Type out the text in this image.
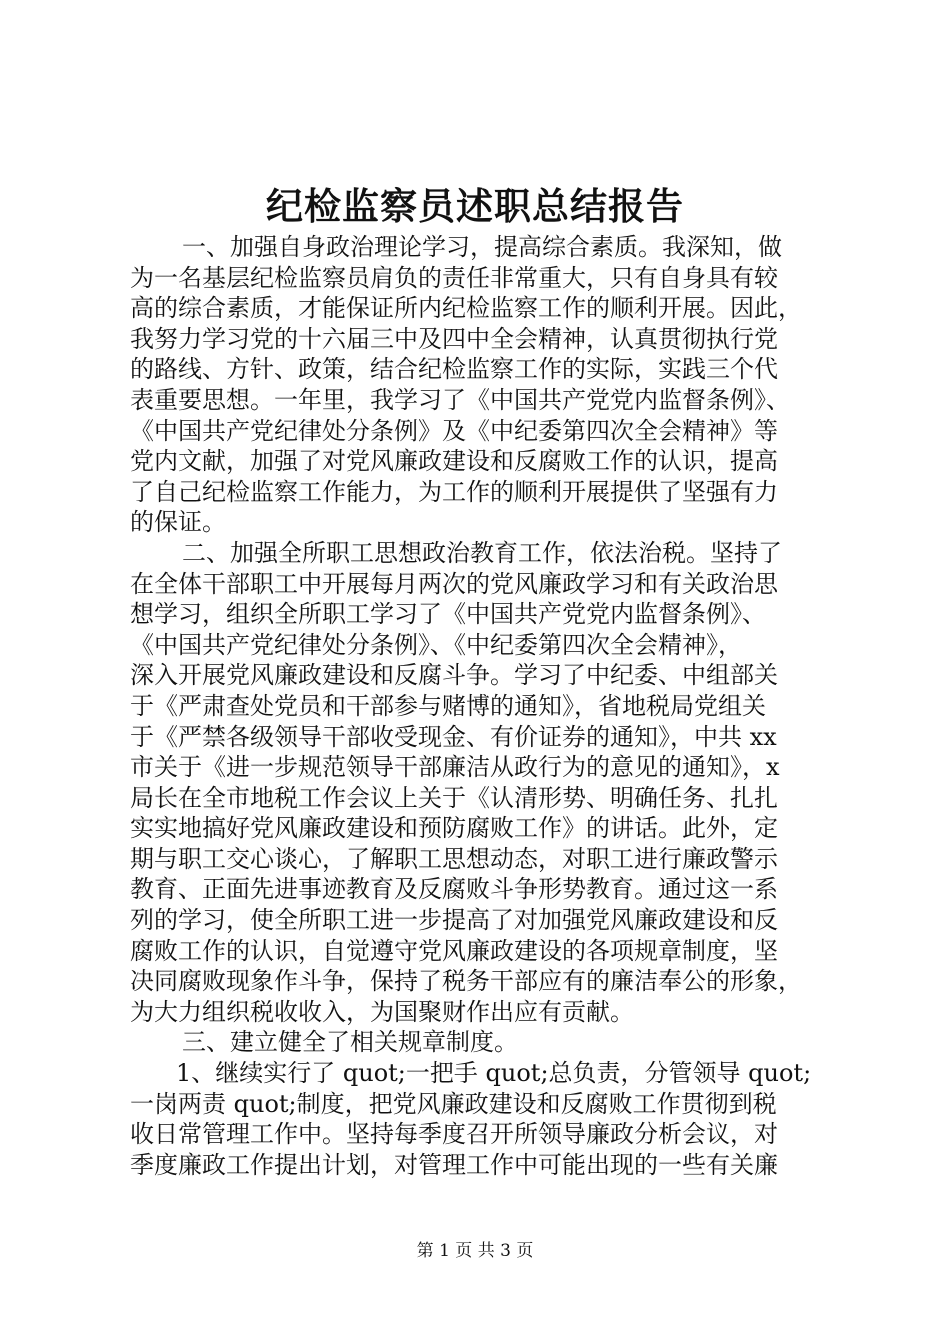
纪检监察员述职总结报告
一、加强自身政治理论学习，提高综合素质。我深知，做
为一名基层纪检监察员肩负的责任非常重大，只有自身具有较
高的综合素质，才能保证所内纪检监察工作的顺利开展。因此，
我努力学习党的十六届三中及四中全会精神，认真贯彻执行党
的路线、方针、政策，结合纪检监察工作的实际，实践三个代
表重要思想。一年里，我学习了《中国共产党党内监督条例》、
《中国共产党纪律处分条例》及《中纪委第四次全会精神》等
党内文献，加强了对党风廉政建设和反腐败工作的认识，提高
了自己纪检监察工作能力，为工作的顺利开展提供了坚强有力
的保证。
二、加强全所职工思想政治教育工作，依法治税。坚持了
在全体干部职工中开展每月两次的党风廉政学习和有关政治思
想学习，组织全所职工学习了《中国共产党党内监督条例》、
《中国共产党纪律处分条例》、《中纪委第四次全会精神》，
深入开展党风廉政建设和反腐斗争。学习了中纪委、中组部关
于《严肃查处党员和干部参与赌博的通知》，省地税局党组关
于《严禁各级领导干部收受现金、有价证券的通知》，中共 xx
市关于《进一步规范领导干部廉洁从政行为的意见的通知》，x
局长在全市地税工作会议上关于《认清形势、明确任务、扎扎
实实地搞好党风廉政建设和预防腐败工作》的讲话。此外，定
期与职工交心谈心，了解职工思想动态，对职工进行廉政警示
教育、正面先进事迹教育及反腐败斗争形势教育。通过这一系
列的学习，使全所职工进一步提高了对加强党风廉政建设和反
腐败工作的认识，自觉遵守党风廉政建设的各项规章制度，坚
决同腐败现象作斗争，保持了税务干部应有的廉洁奉公的形象，
为大力组织税收收入，为国聚财作出应有贡献。
三、建立健全了相关规章制度。
1、继续实行了 quot;一把手 quot;总负责，分管领导 quot;
一岗两责 quot;制度，把党风廉政建设和反腐败工作贯彻到税
收日常管理工作中。坚持每季度召开所领导廉政分析会议，对
季度廉政工作提出计划，对管理工作中可能出现的一些有关廉
第 1 页 共 3 页
